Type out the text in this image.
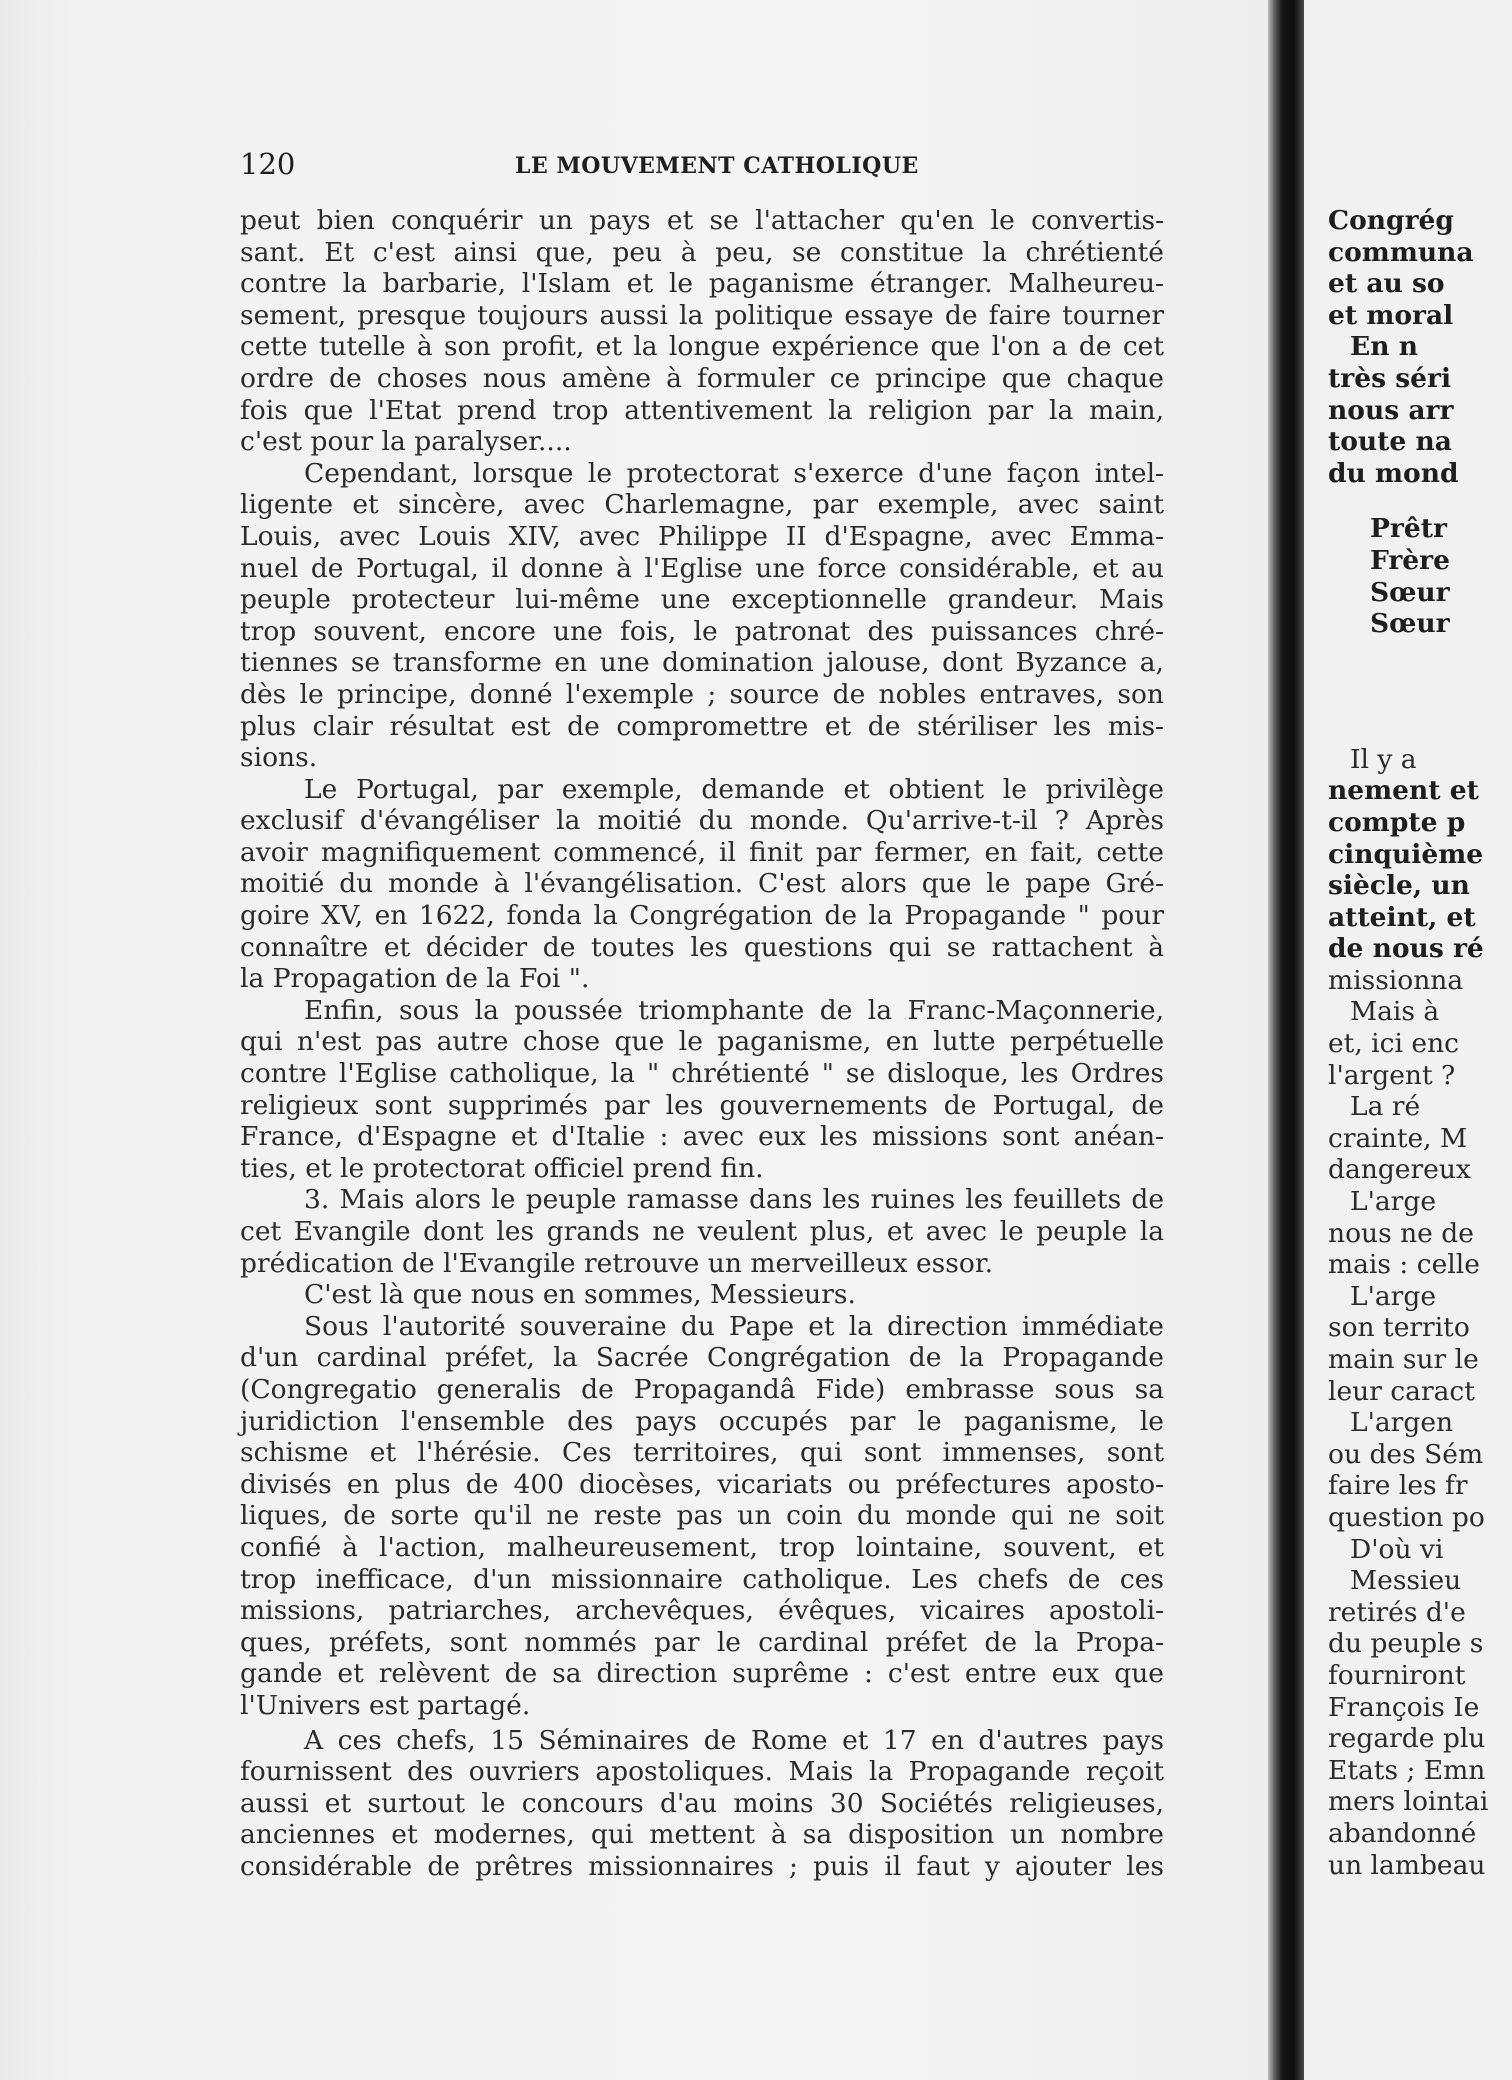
120	LE MOUVEMENT CATHOLIQUE
peut bien conquérir un pays et se l'attacher qu'en le convertis-
sant. Et c'est ainsi que, peu à peu, se constitue la chrétienté
contre la barbarie, l'Islam et le paganisme étranger. Malheureu-
sement, presque toujours aussi la politique essaye de faire tourner
cette tutelle à son profit, et la longue expérience que l'on a de cet
ordre de choses nous amène à formuler ce principe que chaque
fois que l'Etat prend trop attentivement la religion par la main,
c'est pour la paralyser....
Cependant, lorsque le protectorat s'exerce d'une façon intel-
ligente et sincère, avec Charlemagne, par exemple, avec saint
Louis, avec Louis XIV, avec Philippe II d'Espagne, avec Emma-
nuel de Portugal, il donne à l'Eglise une force considérable, et au
peuple protecteur lui-même une exceptionnelle grandeur. Mais
trop souvent, encore une fois, le patronat des puissances chré-
tiennes se transforme en une domination jalouse, dont Byzance a,
dès le principe, donné l'exemple ; source de nobles entraves, son
plus clair résultat est de compromettre et de stériliser les mis-
sions.
Le Portugal, par exemple, demande et obtient le privilège
exclusif d'évangéliser la moitié du monde. Qu'arrive-t-il ? Après
avoir magnifiquement commencé, il finit par fermer, en fait, cette
moitié du monde à l'évangélisation. C'est alors que le pape Gré-
goire XV, en 1622, fonda la Congrégation de la Propagande " pour
connaître et décider de toutes les questions qui se rattachent à
la Propagation de la Foi ".
Enfin, sous la poussée triomphante de la Franc-Maçonnerie,
qui n'est pas autre chose que le paganisme, en lutte perpétuelle
contre l'Eglise catholique, la " chrétienté " se disloque, les Ordres
religieux sont supprimés par les gouvernements de Portugal, de
France, d'Espagne et d'Italie : avec eux les missions sont anéan-
ties, et le protectorat officiel prend fin.
3. Mais alors le peuple ramasse dans les ruines les feuillets de
cet Evangile dont les grands ne veulent plus, et avec le peuple la
prédication de l'Evangile retrouve un merveilleux essor.
C'est là que nous en sommes, Messieurs.
Sous l'autorité souveraine du Pape et la direction immédiate
d'un cardinal préfet, la Sacrée Congrégation de la Propagande
(Congregatio generalis de Propagandâ Fide) embrasse sous sa
juridiction l'ensemble des pays occupés par le paganisme, le
schisme et l'hérésie. Ces territoires, qui sont immenses, sont
divisés en plus de 400 diocèses, vicariats ou préfectures aposto-
liques, de sorte qu'il ne reste pas un coin du monde qui ne soit
confié à l'action, malheureusement, trop lointaine, souvent, et
trop inefficace, d'un missionnaire catholique. Les chefs de ces
missions, patriarches, archevêques, évêques, vicaires apostoli-
ques, préfets, sont nommés par le cardinal préfet de la Propa-
gande et relèvent de sa direction suprême : c'est entre eux que
l'Univers est partagé.
A ces chefs, 15 Séminaires de Rome et 17 en d'autres pays
fournissent des ouvriers apostoliques. Mais la Propagande reçoit
aussi et surtout le concours d'au moins 30 Sociétés religieuses,
anciennes et modernes, qui mettent à sa disposition un nombre
considérable de prêtres missionnaires ; puis il faut y ajouter les
Congrég
communa
et au so
et moral
En n
très séri
nous arr
toute na
du mond
Prêtr
Frère
Sœur
Sœur
Il y a
nement et
compte p
cinquième
siècle, un
atteint, et
de nous ré
missionna
Mais à
et, ici enc
l'argent ?
La ré
crainte, M
dangereux
L'arge
nous ne de
mais : celle
L'arge
son territo
main sur le
leur caract
L'argen
ou des Sém
faire les fr
question po
D'où vi
Messieu
retirés d'e
du peuple s
fourniront
François Ie
regarde plu
Etats ; Emn
mers lointai
abandonné
un lambeau
